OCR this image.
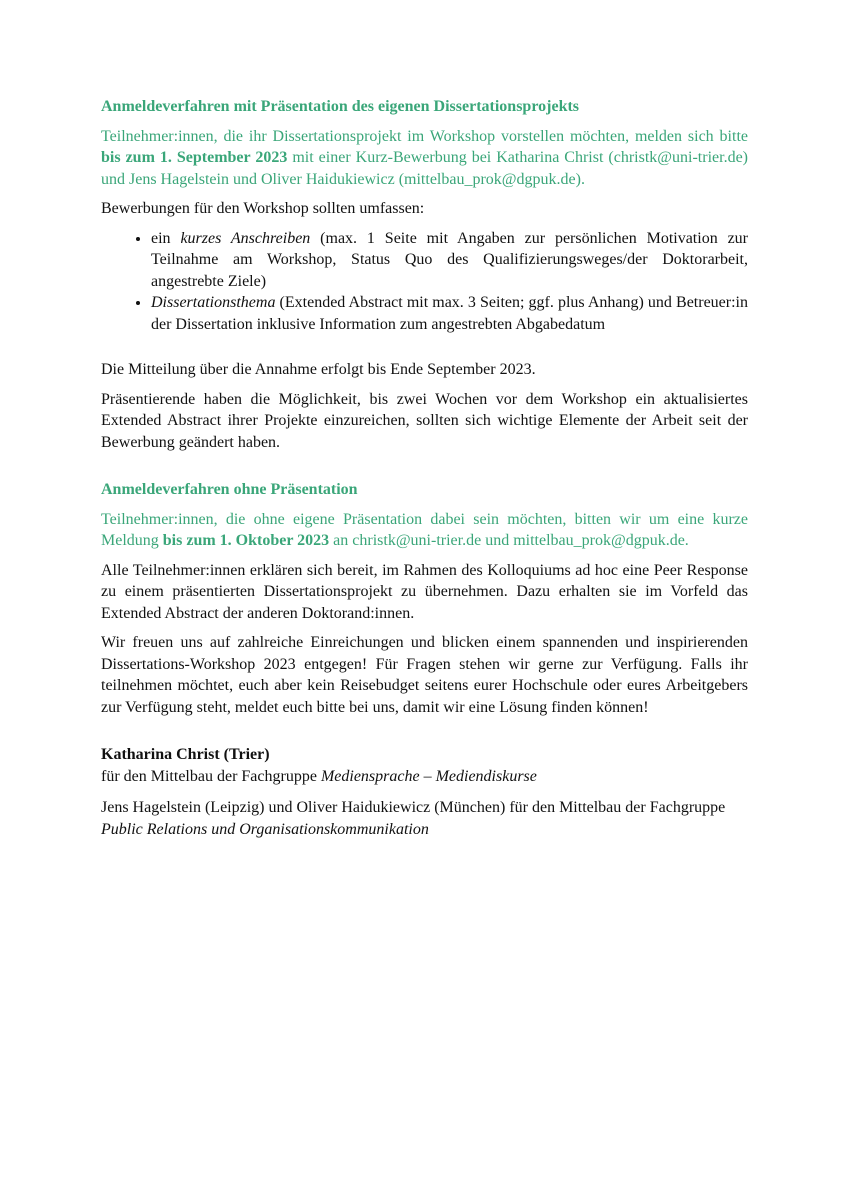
Anmeldeverfahren mit Präsentation des eigenen Dissertationsprojekts

Teilnehmer:innen, die ihr Dissertationsprojekt im Workshop vorstellen möchten, melden sich bitte bis zum 1. September 2023 mit einer Kurz-Bewerbung bei Katharina Christ (christk@uni-trier.de) und Jens Hagelstein und Oliver Haidukiewicz (mittelbau_prok@dgpuk.de).

Bewerbungen für den Workshop sollten umfassen:

• ein kurzes Anschreiben (max. 1 Seite mit Angaben zur persönlichen Motivation zur Teilnahme am Workshop, Status Quo des Qualifizierungsweges/der Doktorarbeit, angestrebte Ziele)
• Dissertationsthema (Extended Abstract mit max. 3 Seiten; ggf. plus Anhang) und Betreuer:in der Dissertation inklusive Information zum angestrebten Abgabedatum

Die Mitteilung über die Annahme erfolgt bis Ende September 2023.

Präsentierende haben die Möglichkeit, bis zwei Wochen vor dem Workshop ein aktualisiertes Extended Abstract ihrer Projekte einzureichen, sollten sich wichtige Elemente der Arbeit seit der Bewerbung geändert haben.

Anmeldeverfahren ohne Präsentation

Teilnehmer:innen, die ohne eigene Präsentation dabei sein möchten, bitten wir um eine kurze Meldung bis zum 1. Oktober 2023 an christk@uni-trier.de und mittelbau_prok@dgpuk.de.

Alle Teilnehmer:innen erklären sich bereit, im Rahmen des Kolloquiums ad hoc eine Peer Response zu einem präsentierten Dissertationsprojekt zu übernehmen. Dazu erhalten sie im Vorfeld das Extended Abstract der anderen Doktorand:innen.

Wir freuen uns auf zahlreiche Einreichungen und blicken einem spannenden und inspirierenden Dissertations-Workshop 2023 entgegen! Für Fragen stehen wir gerne zur Verfügung. Falls ihr teilnehmen möchtet, euch aber kein Reisebudget seitens eurer Hochschule oder eures Arbeitgebers zur Verfügung steht, meldet euch bitte bei uns, damit wir eine Lösung finden können!

Katharina Christ (Trier)
für den Mittelbau der Fachgruppe Mediensprache – Mediendiskurse
Jens Hagelstein (Leipzig) und Oliver Haidukiewicz (München) für den Mittelbau der Fachgruppe Public Relations und Organisationskommunikation
